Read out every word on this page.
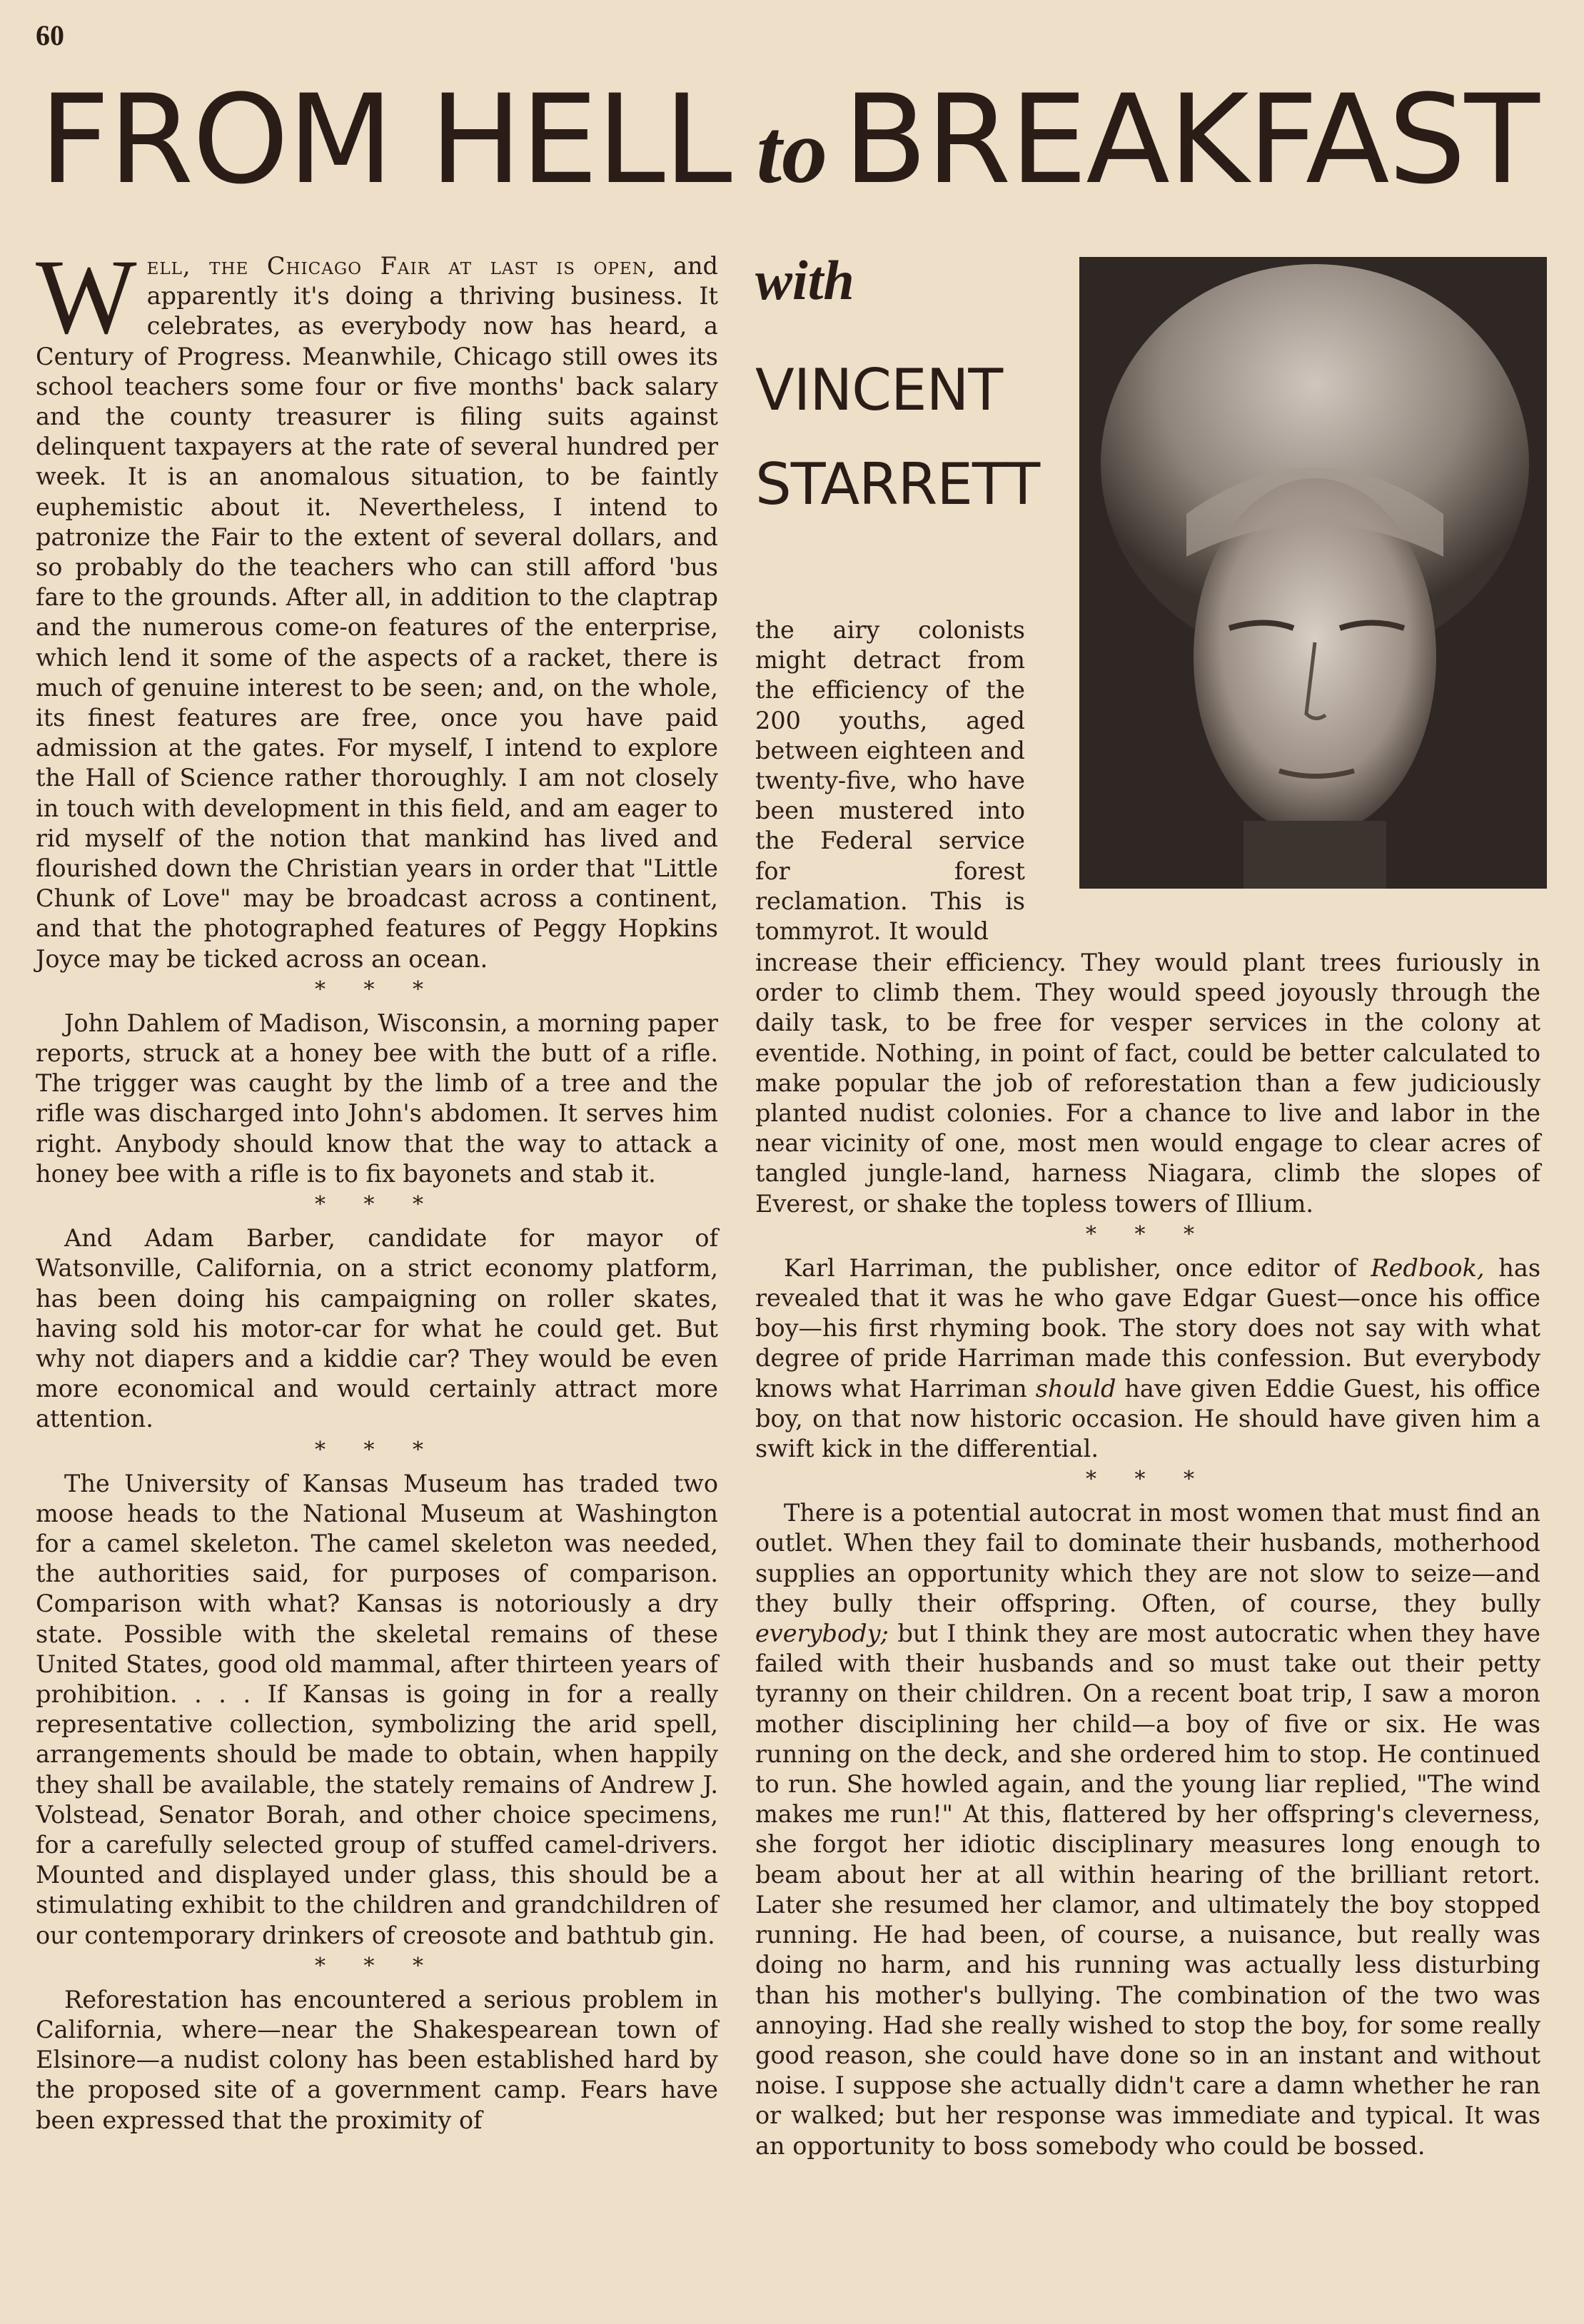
60
FROM HELL to BREAKFAST

Well, the Chicago Fair at last is open, and apparently it's doing a thriving business. It celebrates, as everybody now has heard, a Century of Progress. Meanwhile, Chicago still owes its school teachers some four or five months' back salary and the county treasurer is filing suits against delinquent taxpayers at the rate of several hundred per week. It is an anomalous situation, to be faintly euphemistic about it. Nevertheless, I intend to patronize the Fair to the extent of several dollars, and so probably do the teachers who can still afford 'bus fare to the grounds. After all, in addition to the claptrap and the numerous come-on features of the enterprise, which lend it some of the aspects of a racket, there is much of genuine interest to be seen; and, on the whole, its finest features are free, once you have paid admission at the gates. For myself, I intend to explore the Hall of Science rather thoroughly. I am not closely in touch with development in this field, and am eager to rid myself of the notion that mankind has lived and flourished down the Christian years in order that "Little Chunk of Love" may be broadcast across a continent, and that the photographed features of Peggy Hopkins Joyce may be ticked across an ocean.

* * *

John Dahlem of Madison, Wisconsin, a morning paper reports, struck at a honey bee with the butt of a rifle. The trigger was caught by the limb of a tree and the rifle was discharged into John's abdomen. It serves him right. Anybody should know that the way to attack a honey bee with a rifle is to fix bayonets and stab it.

* * *

And Adam Barber, candidate for mayor of Watsonville, California, on a strict economy platform, has been doing his campaigning on roller skates, having sold his motor-car for what he could get. But why not diapers and a kiddie car? They would be even more economical and would certainly attract more attention.

* * *

The University of Kansas Museum has traded two moose heads to the National Museum at Washington for a camel skeleton. The camel skeleton was needed, the authorities said, for purposes of comparison. Comparison with what? Kansas is notoriously a dry state. Possible with the skeletal remains of these United States, good old mammal, after thirteen years of prohibition. . . . If Kansas is going in for a really representative collection, symbolizing the arid spell, arrangements should be made to obtain, when happily they shall be available, the stately remains of Andrew J. Volstead, Senator Borah, and other choice specimens, for a carefully selected group of stuffed camel-drivers. Mounted and displayed under glass, this should be a stimulating exhibit to the children and grandchildren of our contemporary drinkers of creosote and bathtub gin.

* * *

Reforestation has encountered a serious problem in California, where—near the Shakespearean town of Elsinore—a nudist colony has been established hard by the proposed site of a government camp. Fears have been expressed that the proximity of

with
VINCENT
STARRETT

the airy colonists might detract from the efficiency of the 200 youths, aged between eighteen and twenty-five, who have been mustered into the Federal service for forest reclamation. This is tommyrot. It would

increase their efficiency. They would plant trees furiously in order to climb them. They would speed joyously through the daily task, to be free for vesper services in the colony at eventide. Nothing, in point of fact, could be better calculated to make popular the job of reforestation than a few judiciously planted nudist colonies. For a chance to live and labor in the near vicinity of one, most men would engage to clear acres of tangled jungle-land, harness Niagara, climb the slopes of Everest, or shake the topless towers of Illium.

* * *

Karl Harriman, the publisher, once editor of Redbook, has revealed that it was he who gave Edgar Guest—once his office boy—his first rhyming book. The story does not say with what degree of pride Harriman made this confession. But everybody knows what Harriman should have given Eddie Guest, his office boy, on that now historic occasion. He should have given him a swift kick in the differential.

* * *

There is a potential autocrat in most women that must find an outlet. When they fail to dominate their husbands, motherhood supplies an opportunity which they are not slow to seize—and they bully their offspring. Often, of course, they bully everybody; but I think they are most autocratic when they have failed with their husbands and so must take out their petty tyranny on their children. On a recent boat trip, I saw a moron mother disciplining her child—a boy of five or six. He was running on the deck, and she ordered him to stop. He continued to run. She howled again, and the young liar replied, "The wind makes me run!" At this, flattered by her offspring's cleverness, she forgot her idiotic disciplinary measures long enough to beam about her at all within hearing of the brilliant retort. Later she resumed her clamor, and ultimately the boy stopped running. He had been, of course, a nuisance, but really was doing no harm, and his running was actually less disturbing than his mother's bullying. The combination of the two was annoying. Had she really wished to stop the boy, for some really good reason, she could have done so in an instant and without noise. I suppose she actually didn't care a damn whether he ran or walked; but her response was immediate and typical. It was an opportunity to boss somebody who could be bossed.
